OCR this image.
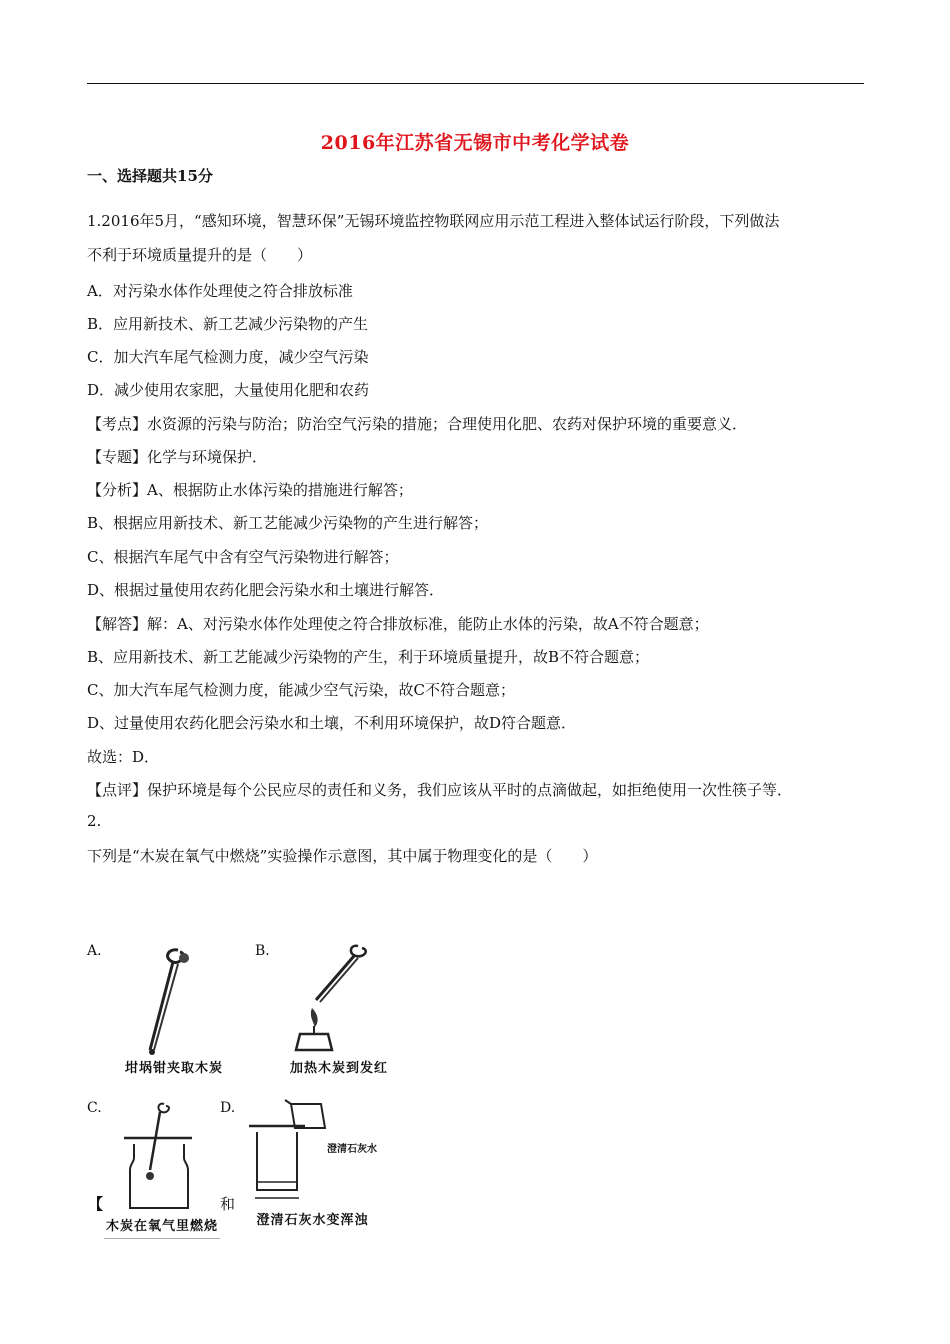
2016年江苏省无锡市中考化学试卷
一、选择题共15分
1.2016年5月，“感知环境，智慧环保”无锡环境监控物联网应用示范工程进入整体试运行阶段，下列做法
不利于环境质量提升的是（　　）
A．对污染水体作处理使之符合排放标准
B．应用新技术、新工艺减少污染物的产生
C．加大汽车尾气检测力度，减少空气污染
D．减少使用农家肥，大量使用化肥和农药
【考点】水资源的污染与防治；防治空气污染的措施；合理使用化肥、农药对保护环境的重要意义．
【专题】化学与环境保护．
【分析】A、根据防止水体污染的措施进行解答；
B、根据应用新技术、新工艺能减少污染物的产生进行解答；
C、根据汽车尾气中含有空气污染物进行解答；
D、根据过量使用农药化肥会污染水和土壤进行解答．
【解答】解：A、对污染水体作处理使之符合排放标准，能防止水体的污染，故A不符合题意；
B、应用新技术、新工艺能减少污染物的产生，利于环境质量提升，故B不符合题意；
C、加大汽车尾气检测力度，能减少空气污染，故C不符合题意；
D、过量使用农药化肥会污染水和土壤，不利用环境保护，故D符合题意．
故选：D．
【点评】保护环境是每个公民应尽的责任和义务，我们应该从平时的点滴做起，如拒绝使用一次性筷子等．
2.
下列是“木炭在氧气中燃烧”实验操作示意图，其中属于物理变化的是（　　）
A.
坩埚钳夹取木炭
B.
加热木炭到发红
C.
木炭在氧气里燃烧
D.
澄清石灰水
澄清石灰水变浑浊
【	和
